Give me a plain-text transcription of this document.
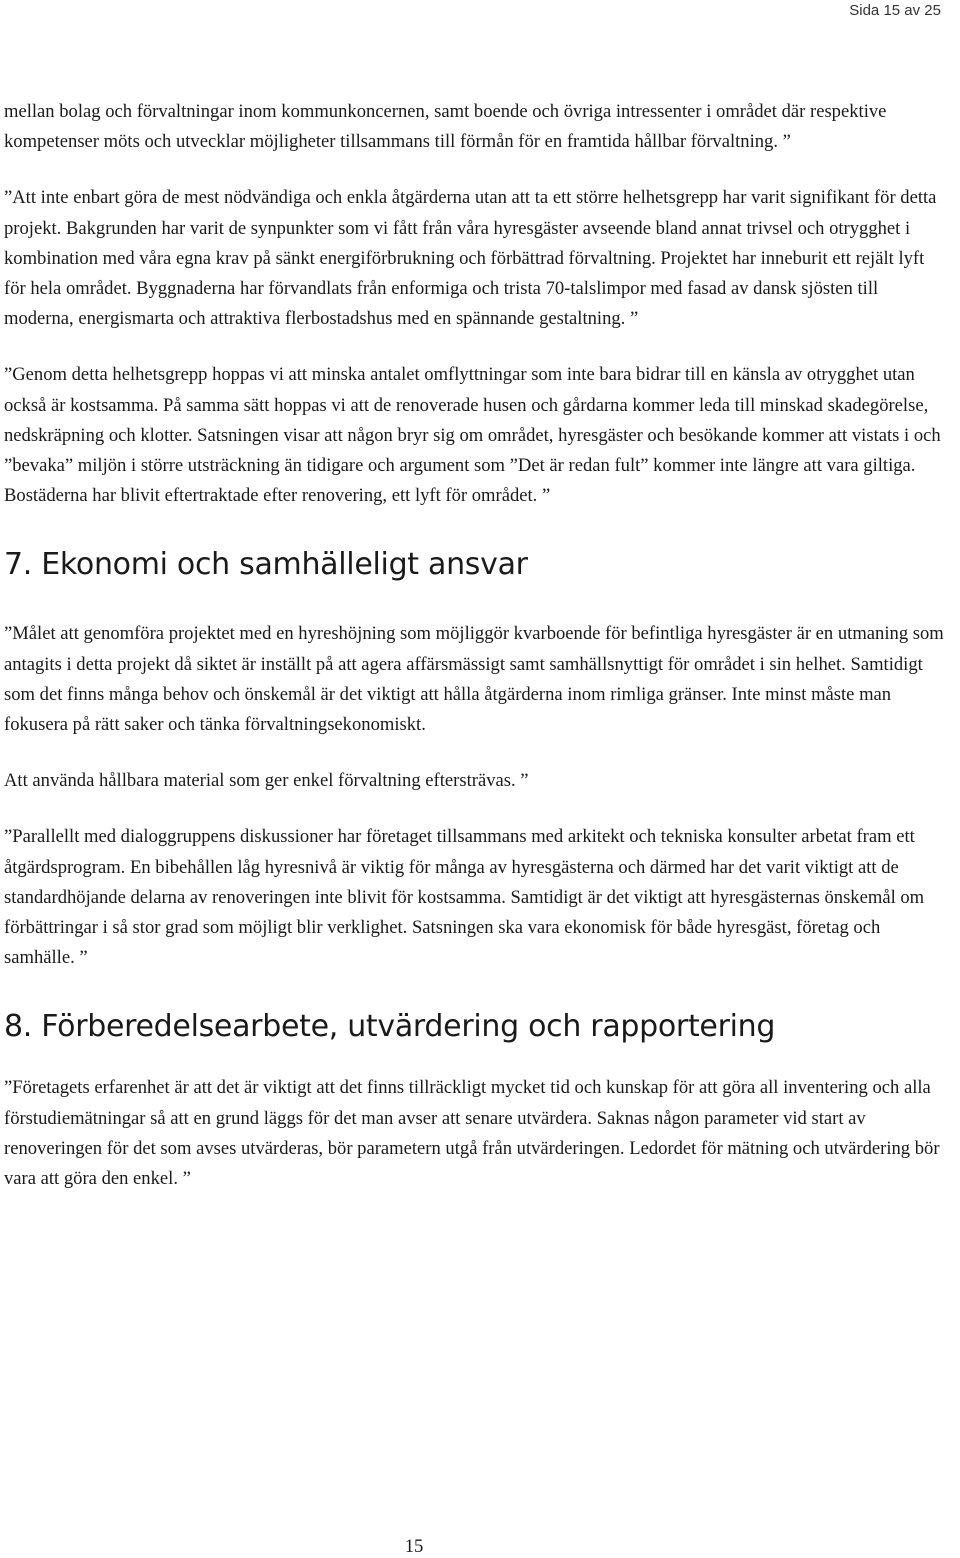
Sida 15 av 25

mellan bolag och förvaltningar inom kommunkoncernen, samt boende och övriga intressenter i området där respektive kompetenser möts och utvecklar möjligheter tillsammans till förmån för en framtida hållbar förvaltning. ”

”Att inte enbart göra de mest nödvändiga och enkla åtgärderna utan att ta ett större helhetsgrepp har varit signifikant för detta projekt. Bakgrunden har varit de synpunkter som vi fått från våra hyresgäster avseende bland annat trivsel och otrygghet i kombination med våra egna krav på sänkt energiförbrukning och förbättrad förvaltning. Projektet har inneburit ett rejält lyft för hela området. Byggnaderna har förvandlats från enformiga och trista 70-talslimpor med fasad av dansk sjösten till moderna, energismarta och attraktiva flerbostadshus med en spännande gestaltning. ”

”Genom detta helhetsgrepp hoppas vi att minska antalet omflyttningar som inte bara bidrar till en känsla av otrygghet utan också är kostsamma. På samma sätt hoppas vi att de renoverade husen och gårdarna kommer leda till minskad skadegörelse, nedskräpning och klotter. Satsningen visar att någon bryr sig om området, hyresgäster och besökande kommer att vistats i och ”bevaka” miljön i större utsträckning än tidigare och argument som ”Det är redan fult” kommer inte längre att vara giltiga. Bostäderna har blivit eftertraktade efter renovering, ett lyft för området. ”

7. Ekonomi och samhälleligt ansvar

”Målet att genomföra projektet med en hyreshöjning som möjliggör kvarboende för befintliga hyresgäster är en utmaning som antagits i detta projekt då siktet är inställt på att agera affärsmässigt samt samhällsnyttigt för området i sin helhet. Samtidigt som det finns många behov och önskemål är det viktigt att hålla åtgärderna inom rimliga gränser. Inte minst måste man fokusera på rätt saker och tänka förvaltningsekonomiskt.

Att använda hållbara material som ger enkel förvaltning eftersträvas. ”

”Parallellt med dialoggruppens diskussioner har företaget tillsammans med arkitekt och tekniska konsulter arbetat fram ett åtgärdsprogram. En bibehållen låg hyresnivå är viktig för många av hyresgästerna och därmed har det varit viktigt att de standardhöjande delarna av renoveringen inte blivit för kostsamma. Samtidigt är det viktigt att hyresgästernas önskemål om förbättringar i så stor grad som möjligt blir verklighet. Satsningen ska vara ekonomisk för både hyresgäst, företag och samhälle. ”

8. Förberedelsearbete, utvärdering och rapportering

”Företagets erfarenhet är att det är viktigt att det finns tillräckligt mycket tid och kunskap för att göra all inventering och alla förstudiemätningar så att en grund läggs för det man avser att senare utvärdera. Saknas någon parameter vid start av renoveringen för det som avses utvärderas, bör parametern utgå från utvärderingen. Ledordet för mätning och utvärdering bör vara att göra den enkel. ”

15
